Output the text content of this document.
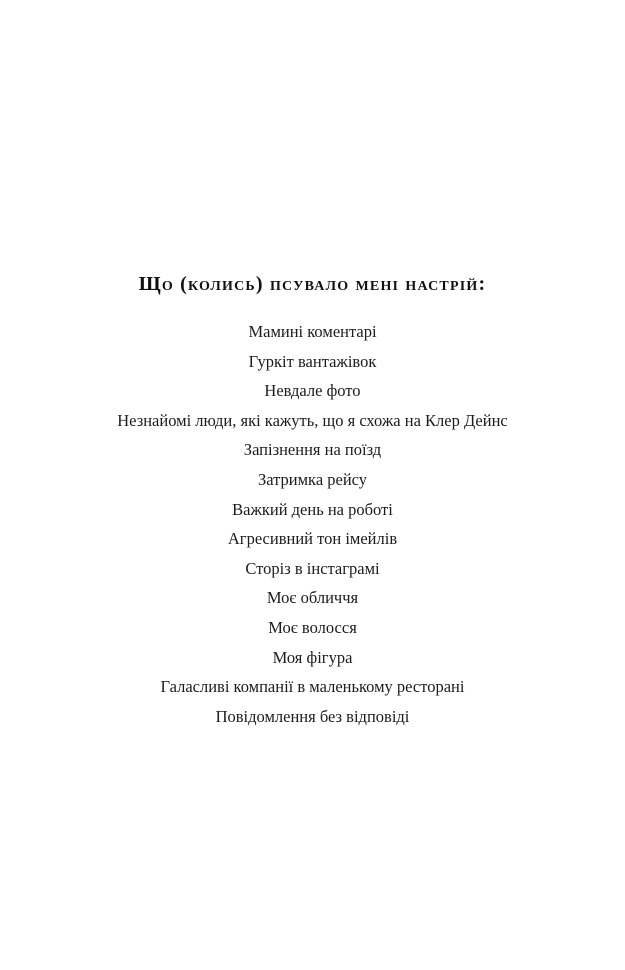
Що (колись) псувало мені настрій:
Мамині коментарі
Гуркіт вантажівок
Невдале фото
Незнайомі люди, які кажуть, що я схожа на Клер Дейнс
Запізнення на поїзд
Затримка рейсу
Важкий день на роботі
Агресивний тон імейлів
Сторіз в інстаграмі
Моє обличчя
Моє волосся
Моя фігура
Галасливі компанії в маленькому ресторані
Повідомлення без відповіді
